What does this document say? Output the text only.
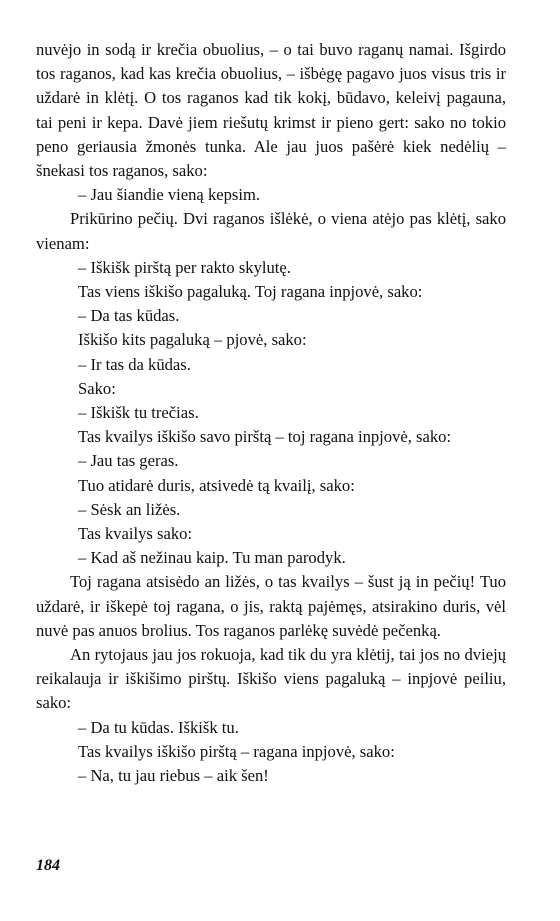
nuvėjo in sodą ir krečia obuolius, – o tai buvo raganų namai. Išgirdo tos raganos, kad kas krečia obuolius, – išbėgę pagavo juos visus tris ir uždarė in klėtį. O tos raganos kad tik kokį, būdavo, keleivį pagauna, tai peni ir kepa. Davė jiem riešutų krimst ir pieno gert: sako no tokio peno geriausia žmonės tunka. Ale jau juos pašėrė kiek nedėlių – šnekasi tos raganos, sako:

– Jau šiandie vieną kepsim.

Prikūrino pečių. Dvi raganos išlėkė, o viena atėjo pas klėtį, sako vienam:

– Iškišk pirštą per rakto skylutę.

Tas viens iškišo pagaluką. Toj ragana inpjovė, sako:

– Da tas kūdas.

Iškišo kits pagaluką – pjovė, sako:

– Ir tas da kūdas.

Sako:

– Iškišk tu trečias.

Tas kvailys iškišo savo pirštą – toj ragana inpjovė, sako:

– Jau tas geras.

Tuo atidarė duris, atsivedė tą kvailį, sako:

– Sėsk an ližės.

Tas kvailys sako:

– Kad aš nežinau kaip. Tu man parodyk.

Toj ragana atsisėdo an ližės, o tas kvailys – šust ją in pečių! Tuo uždarė, ir iškepė toj ragana, o jis, raktą pajėmęs, atsirakino duris, vėl nuvė pas anuos brolius. Tos raganos parlėkę suvėdė pečenką.

An rytojaus jau jos rokuoja, kad tik du yra klėtij, tai jos no dviejų reikalauja ir iškišimo pirštų. Iškišo viens pagaluką – inpjovė peiliu, sako:

– Da tu kūdas. Iškišk tu.

Tas kvailys iškišo pirštą – ragana inpjovė, sako:

– Na, tu jau riebus – aik šen!

184
